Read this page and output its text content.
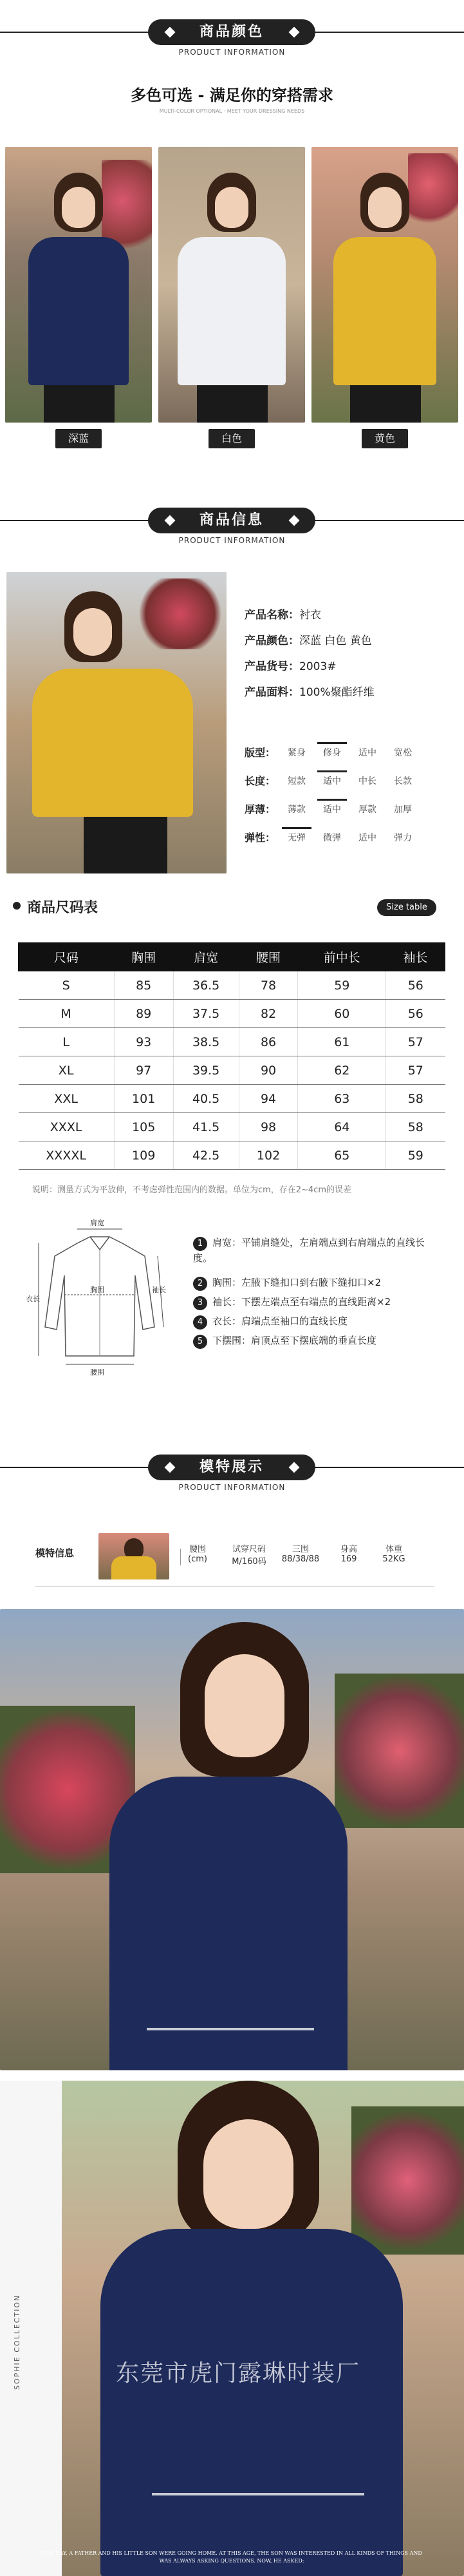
商品颜色
PRODUCT INFORMATION
多色可选 - 满足你的穿搭需求
MULTI-COLOR OPTIONAL · MEET YOUR DRESSING NEEDS
深蓝	白色	黄色
商品信息
PRODUCT INFORMATION
产品名称：衬衣
产品颜色：深蓝 白色 黄色
产品货号：2003#
产品面料：100%聚酯纤维
版型：	紧身	修身	适中	宽松
长度：	短款	适中	中长	长款
厚薄：	薄款	适中	厚款	加厚
弹性：	无弹	微弹	适中	弹力
商品尺码表	Size table
尺码	胸围	肩宽	腰围	前中长	袖长
S	85	36.5	78	59	56
M	89	37.5	82	60	56
L	93	38.5	86	61	57
XL	97	39.5	90	62	57
XXL	101	40.5	94	63	58
XXXL	105	41.5	98	64	58
XXXXL	109	42.5	102	65	59
说明：测量方式为平放伸，不考虑弹性范围内的数据。单位为cm，存在2~4cm的误差
肩宽
胸围
衣长
袖长
腰围
1 肩宽：平铺肩缝处，左肩端点到右肩端点的直线长度。
2 胸围：左腋下缝扣口到右腋下缝扣口×2
3 袖长：下摆左端点至右端点的直线距离×2
4 衣长：肩端点至袖口的直线长度
5 下摆围：肩顶点至下摆底端的垂直长度
模特展示
PRODUCT INFORMATION
模特信息	腰围
(cm)
试穿尺码
M/160码
三围
88/38/88
身高
169
体重
52KG
SOPHIE COLLECTION	东莞市虎门露琳时装厂
ONE DAY, A FATHER AND HIS LITTLE SON WERE GOING HOME. AT THIS AGE, THE SON WAS INTERESTED IN ALL KINDS OF THINGS AND WAS ALWAYS ASKING QUESTIONS. NOW, HE ASKED:
